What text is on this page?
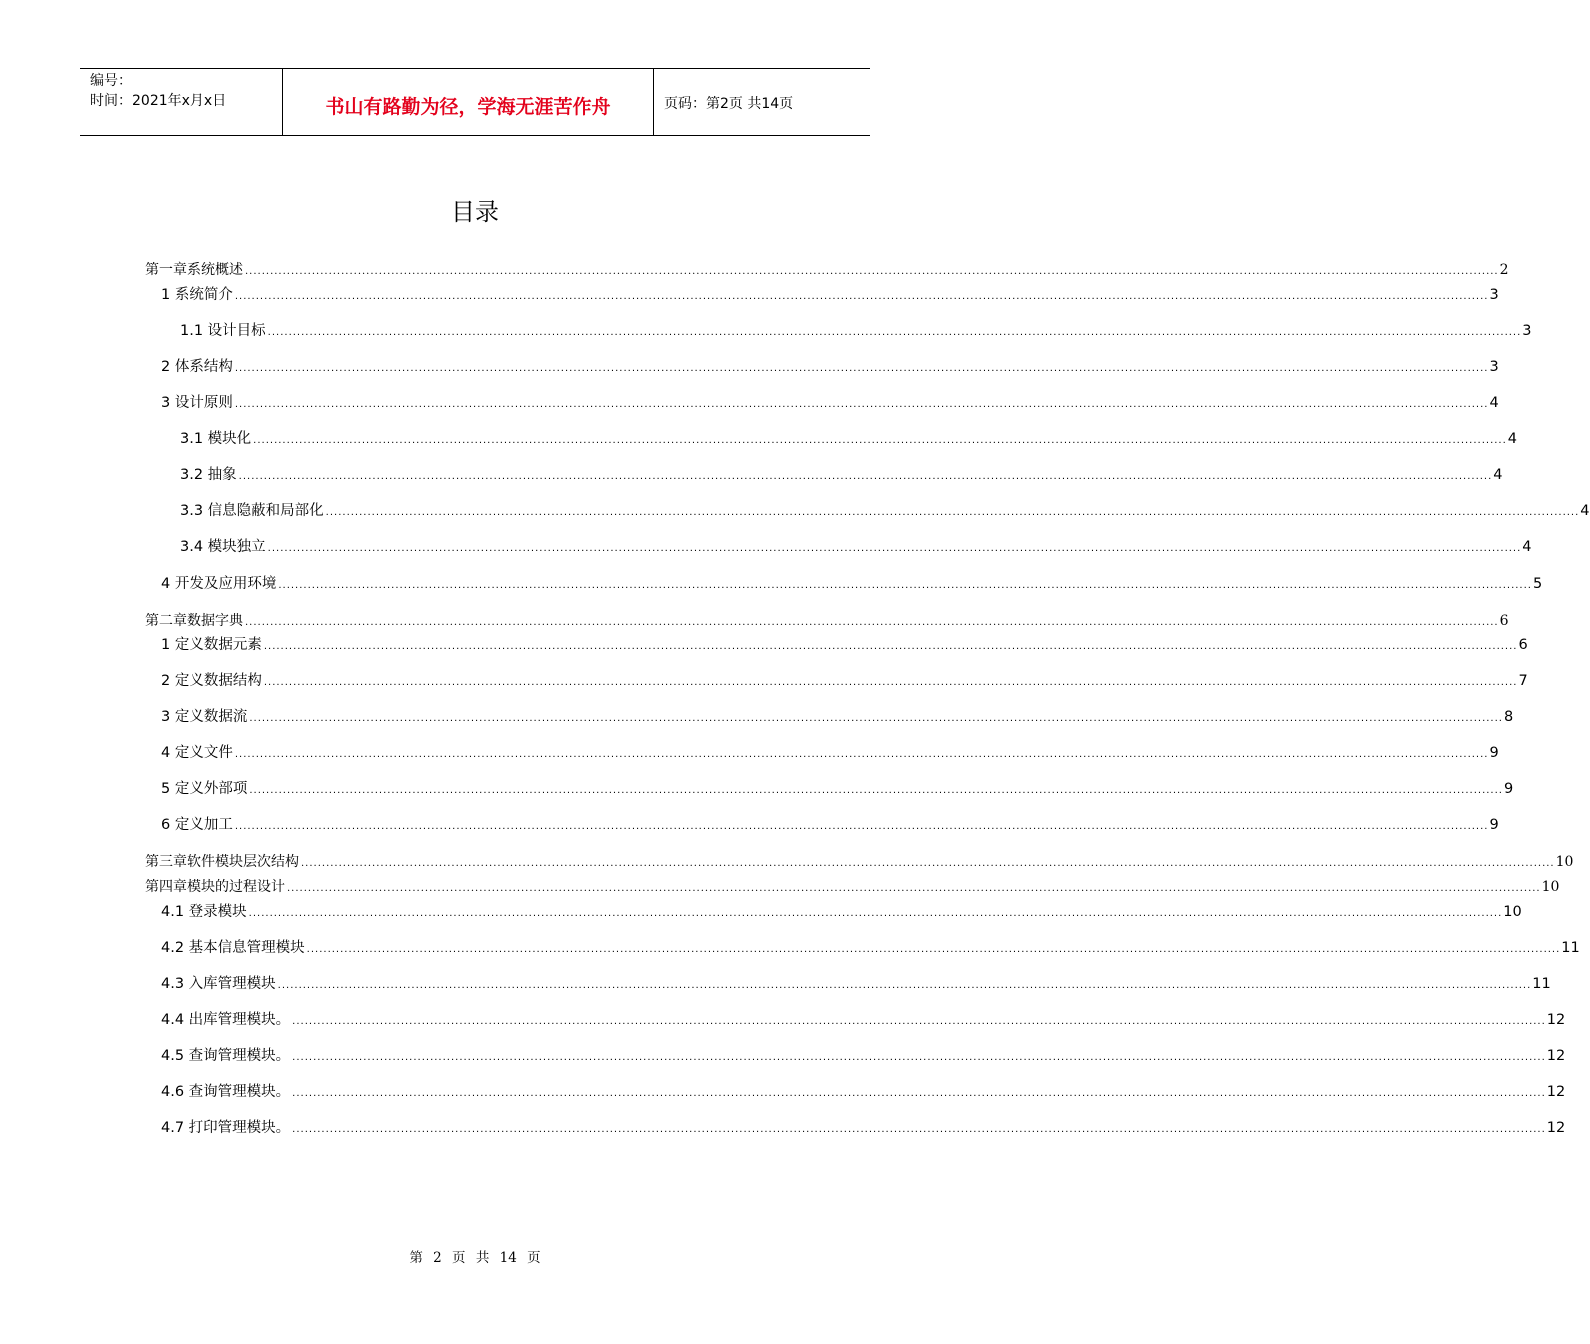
编号：
时间：2021年x月x日	书山有路勤为径，学海无涯苦作舟	页码：第2页 共14页
目录
第一章 系统概述 ............................................................................................................................................................................................................................................................................................................ 2
1 系统简介 ............................................................................................................................................................................................................................................................................................................ 3
1.1 设计目标 ............................................................................................................................................................................................................................................................................................................ 3
2 体系结构 ............................................................................................................................................................................................................................................................................................................ 3
3 设计原则 ............................................................................................................................................................................................................................................................................................................ 4
3.1 模块化 ............................................................................................................................................................................................................................................................................................................ 4
3.2 抽象 ............................................................................................................................................................................................................................................................................................................ 4
3.3 信息隐蔽和局部化 ............................................................................................................................................................................................................................................................................................................ 4
3.4 模块独立 ............................................................................................................................................................................................................................................................................................................ 4
4 开发及应用环境 ............................................................................................................................................................................................................................................................................................................ 5
第二章 数据字典 ............................................................................................................................................................................................................................................................................................................ 6
1 定义数据元素 ............................................................................................................................................................................................................................................................................................................ 6
2 定义数据结构 ............................................................................................................................................................................................................................................................................................................ 7
3 定义数据流 ............................................................................................................................................................................................................................................................................................................ 8
4 定义文件 ............................................................................................................................................................................................................................................................................................................ 9
5 定义外部项 ............................................................................................................................................................................................................................................................................................................ 9
6 定义加工 ............................................................................................................................................................................................................................................................................................................ 9
第三章 软件模块层次结构 ............................................................................................................................................................................................................................................................................................................ 10
第四章 模块的过程设计 ............................................................................................................................................................................................................................................................................................................ 10
4.1 登录模块 ............................................................................................................................................................................................................................................................................................................ 10
4.2 基本信息管理模块 ............................................................................................................................................................................................................................................................................................................ 11
4.3 入库管理模块 ............................................................................................................................................................................................................................................................................................................ 11
4.4 出库管理模块。 ............................................................................................................................................................................................................................................................................................................ 12
4.5 查询管理模块。 ............................................................................................................................................................................................................................................................................................................ 12
4.6 查询管理模块。 ............................................................................................................................................................................................................................................................................................................ 12
4.7 打印管理模块。 ............................................................................................................................................................................................................................................................................................................ 12
第 2 页 共 14 页
